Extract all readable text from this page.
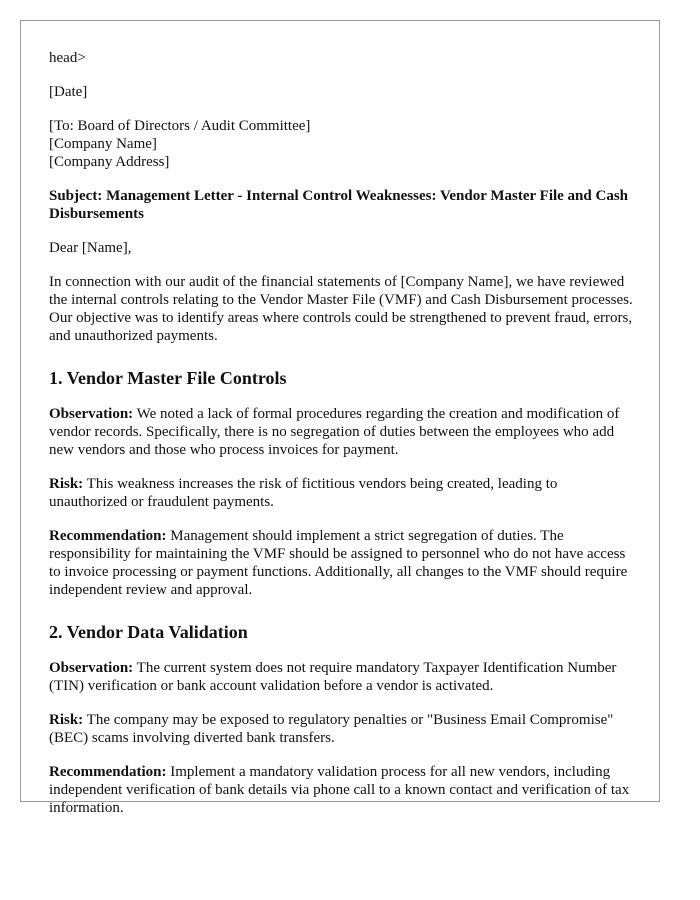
head>

[Date]

[To: Board of Directors / Audit Committee]
[Company Name]
[Company Address]

Subject: Management Letter - Internal Control Weaknesses: Vendor Master File and Cash Disbursements

Dear [Name],

In connection with our audit of the financial statements of [Company Name], we have reviewed the internal controls relating to the Vendor Master File (VMF) and Cash Disbursement processes. Our objective was to identify areas where controls could be strengthened to prevent fraud, errors, and unauthorized payments.

1. Vendor Master File Controls

Observation: We noted a lack of formal procedures regarding the creation and modification of vendor records. Specifically, there is no segregation of duties between the employees who add new vendors and those who process invoices for payment.

Risk: This weakness increases the risk of fictitious vendors being created, leading to unauthorized or fraudulent payments.

Recommendation: Management should implement a strict segregation of duties. The responsibility for maintaining the VMF should be assigned to personnel who do not have access to invoice processing or payment functions. Additionally, all changes to the VMF should require independent review and approval.

2. Vendor Data Validation

Observation: The current system does not require mandatory Taxpayer Identification Number (TIN) verification or bank account validation before a vendor is activated.

Risk: The company may be exposed to regulatory penalties or "Business Email Compromise" (BEC) scams involving diverted bank transfers.

Recommendation: Implement a mandatory validation process for all new vendors, including independent verification of bank details via phone call to a known contact and verification of tax information.
